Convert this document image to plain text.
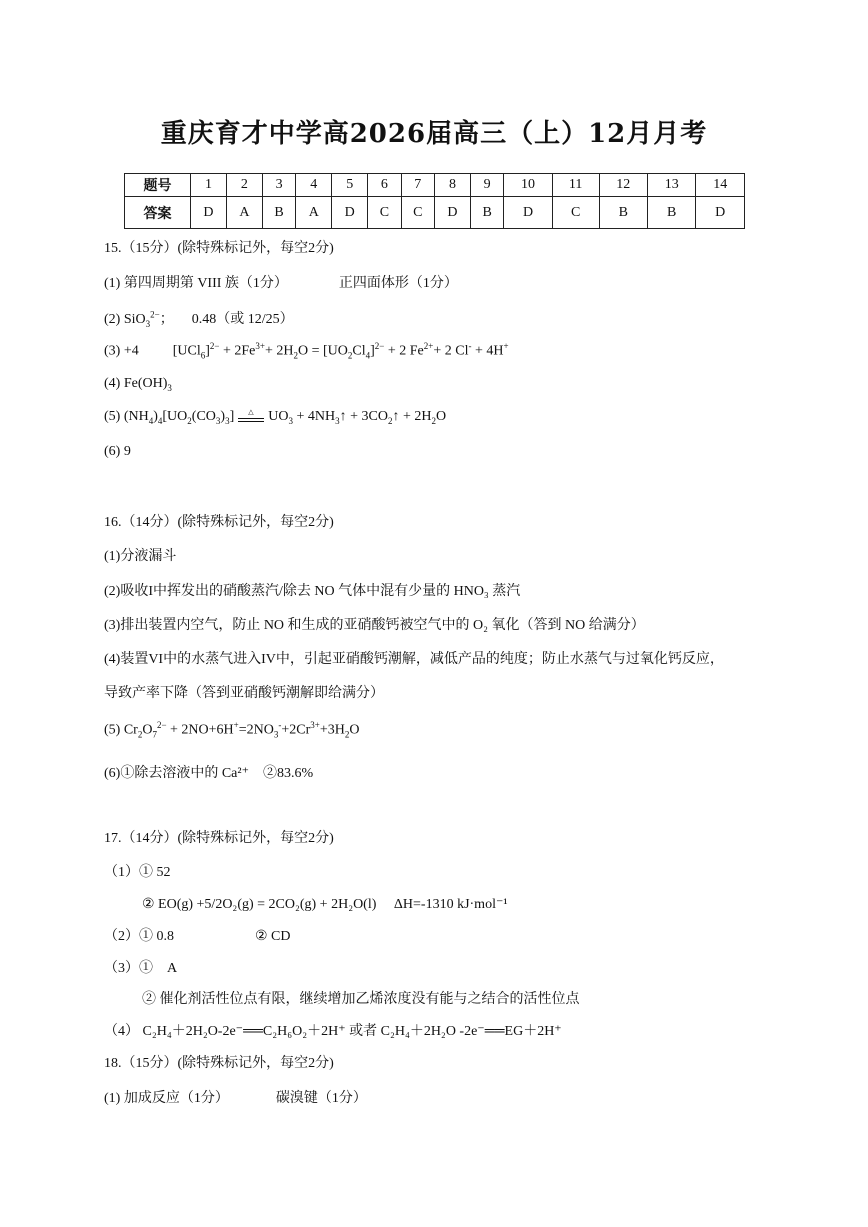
重庆育才中学高2026届高三（上）12月月考
题号	1	2	3	4	5	6	7	8	9	10	11	12	13	14
答案	D	A	B	A	D	C	C	D	B	D	C	B	B	D
15.（15分）(除特殊标记外，每空2分)
(1) 第四周期第 VIII 族（1分）	正四面体形（1分）
(2) SiO$_3^{2-}$； 0.48（或 12/25）
(3) +4 $[UCl_6]^{2-} + 2Fe^{3+}+ 2H_2O = [UO_2Cl_4]^{2-} + 2$ $Fe^{2+}+ 2$ Cl- + 4H+
(4) $Fe(OH)_3$
(5) $(NH_4)_4[UO_2(CO_3)_3]$ △ $UO_3$ + $4NH_3↑$ + $3CO_2↑ + 2H_2O$
(6) 9
16.（14分）(除特殊标记外，每空2分)
(1)分液漏斗
(2)吸收I中挥发出的硝酸蒸汽/除去 NO 气体中混有少量的 HNO₃ 蒸汽
(3)排出装置内空气，防止 NO 和生成的亚硝酸钙被空气中的 O₂ 氧化（答到 NO 给满分）
(4)装置VI中的水蒸气进入IV中，引起亚硝酸钙潮解，减低产品的纯度；防止水蒸气与过氧化钙反应，
导致产率下降（答到亚硝酸钙潮解即给满分）
(5) $Cr_2O_7^{2-} + 2NO+6H^+=2NO_3^-+2Cr^{3+}+3H_2O$
(6)①除去溶液中的 Ca²⁺　②83.6%
17.（14分）(除特殊标记外，每空2分)
（1）① 52
② EO(g) +5/2O₂(g) = 2CO₂(g) + 2H₂O(l)　 ΔH=-1310 kJ·mol⁻¹
（2）① 0.8	② CD
（3）①　A
② 催化剂活性位点有限，继续增加乙烯浓度没有能与之结合的活性位点
（4） C₂H₄＋2H₂O-2e⁻══C₂H₆O₂＋2H⁺ 或者 C₂H₄＋2H₂O -2e⁻══EG＋2H⁺
18.（15分）(除特殊标记外，每空2分)
(1) 加成反应（1分）	碳溴键（1分）
